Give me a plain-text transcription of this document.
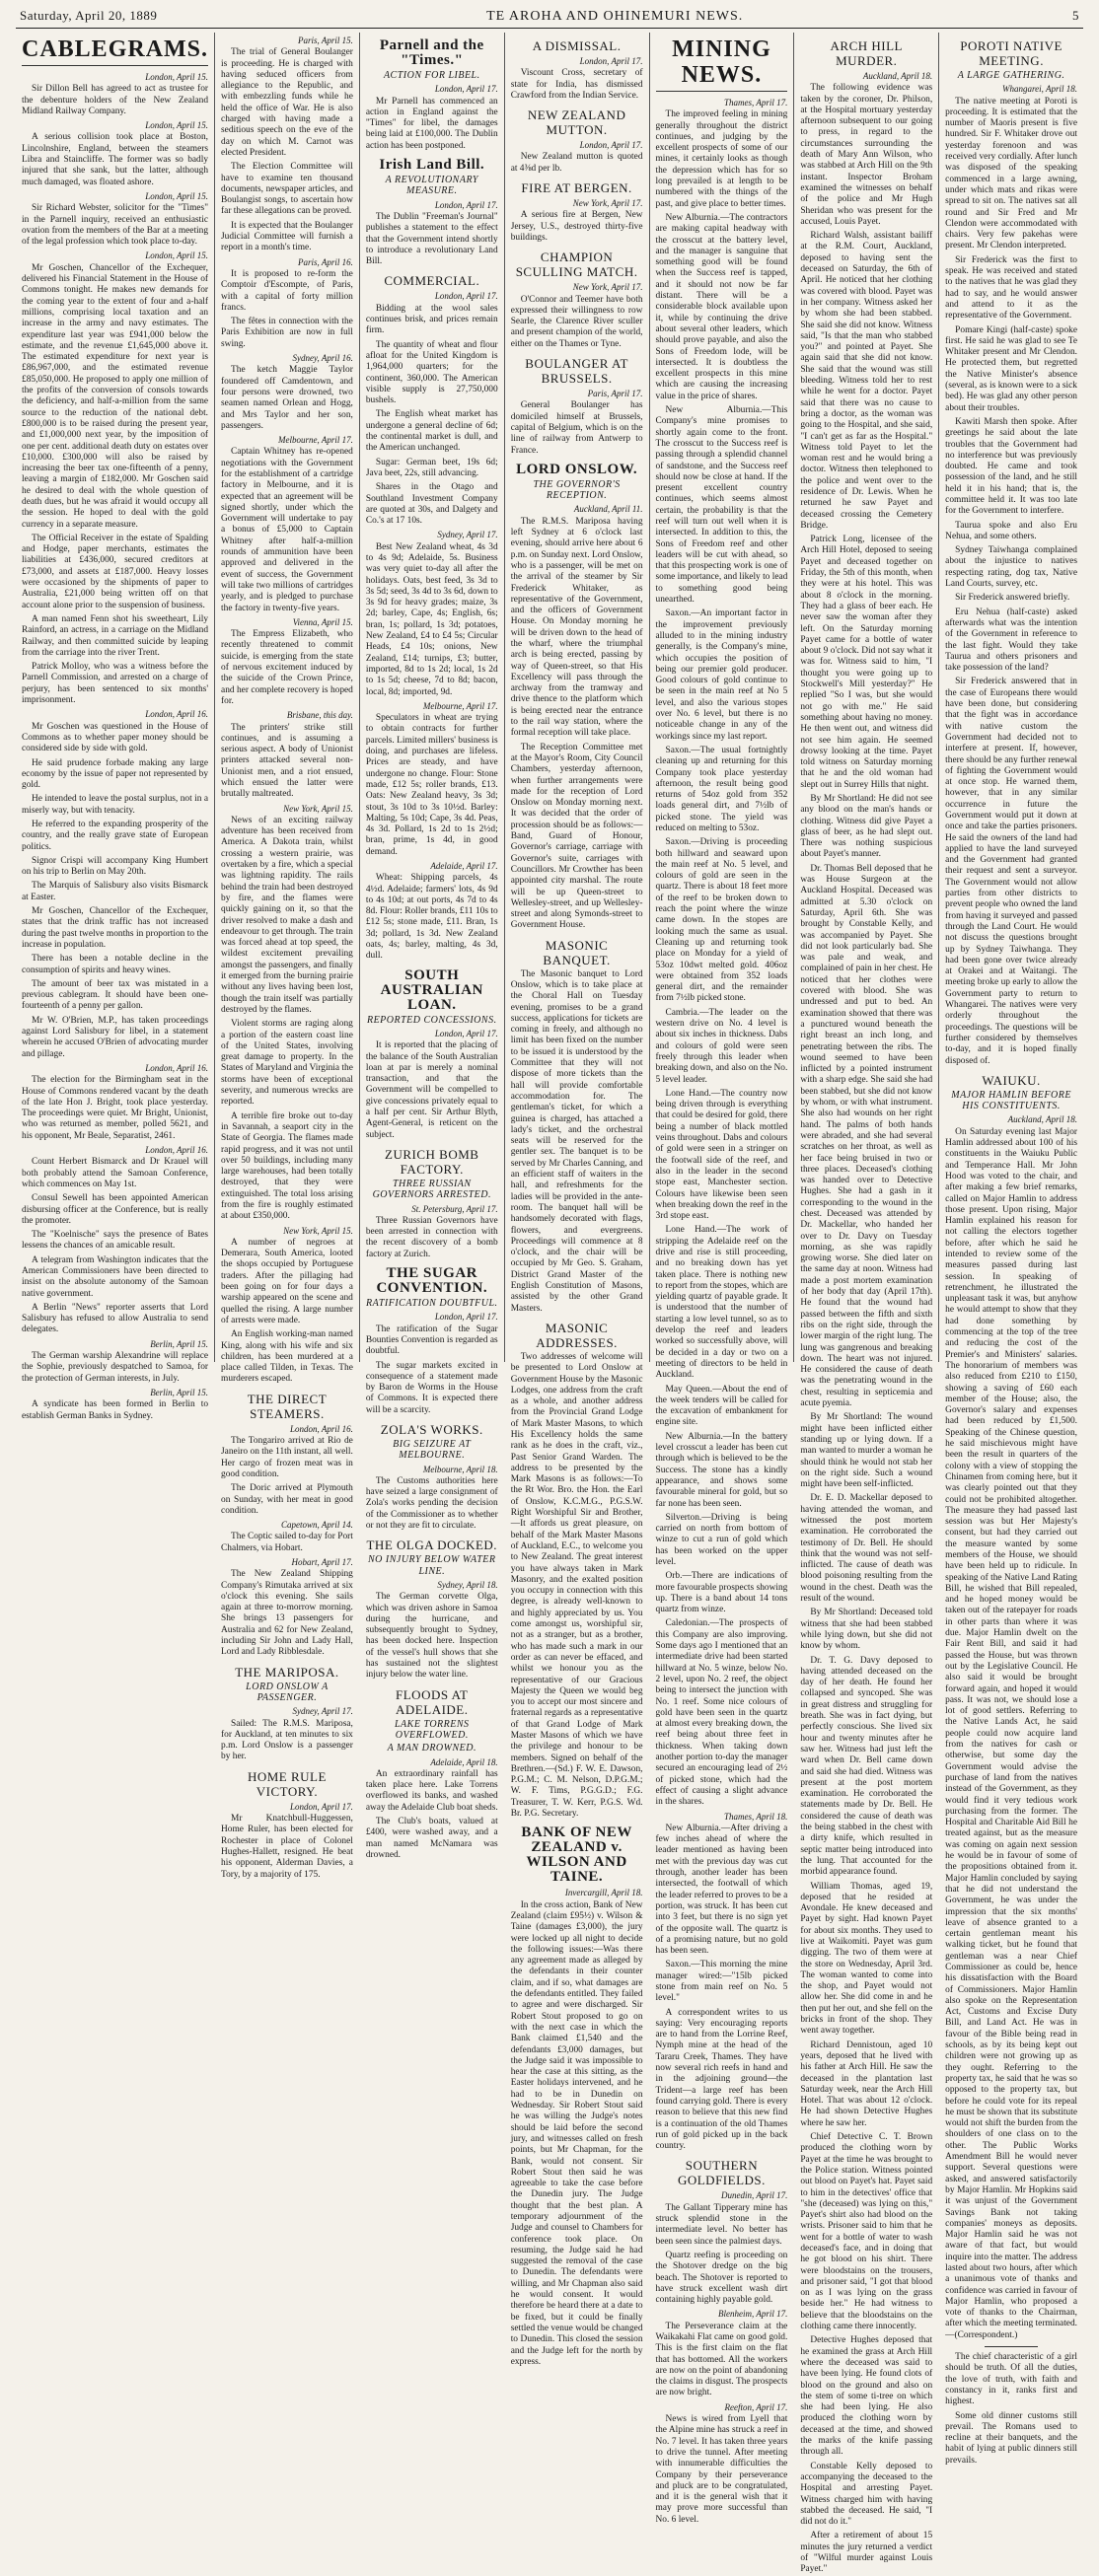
Saturday, April 20, 1889	TE AROHA AND OHINEMURI NEWS.	5
CABLEGRAMS.
London, April 15.

Sir Dillon Bell has agreed to act as trustee for the debenture holders of the New Zealand Midland Railway Company.

London, April 15.

A serious collision took place at Boston, Lincolnshire, England, between the steamers Libra and Staincliffe. The former was so badly injured that she sank, but the latter, although much damaged, was floated ashore.

London, April 15.

Sir Richard Webster, solicitor for the "Times" in the Parnell inquiry, received an enthusiastic ovation from the members of the Bar at a meeting of the legal profession which took place to-day.

London, April 15.

Mr Goschen, Chancellor of the Exchequer, delivered his Financial Statement in the House of Commons tonight. He makes new demands for the coming year to the extent of four and a-half millions, comprising local taxation and an increase in the army and navy estimates. The expenditure last year was £941,000 below the estimate, and the revenue £1,645,000 above it. The estimated expenditure for next year is £86,967,000, and the estimated revenue £85,050,000. He proposed to apply one million of the profits of the conversion of consols towards the deficiency, and half-a-million from the same source to the reduction of the national debt. £800,000 is to be raised during the present year, and £1,000,000 next year, by the imposition of one per cent. additional death duty on estates over £10,000. £300,000 will also be raised by increasing the beer tax one-fifteenth of a penny, leaving a margin of £182,000. Mr Goschen said he desired to deal with the whole question of death dues, but he was afraid it would occupy all the session. He hoped to deal with the gold currency in a separate measure.

The Official Receiver in the estate of Spalding and Hodge, paper merchants, estimates the liabilities at £436,000, secured creditors at £73,000, and assets at £187,000. Heavy losses were occasioned by the shipments of paper to Australia, £21,000 being written off on that account alone prior to the suspension of business.

A man named Fenn shot his sweetheart, Lily Rainford, an actress, in a carriage on the Midland Railway, and then committed suicide by leaping from the carriage into the river Trent.

Patrick Molloy, who was a witness before the Parnell Commission, and arrested on a charge of perjury, has been sentenced to six months' imprisonment.

London, April 16.

Mr Goschen was questioned in the House of Commons as to whether paper money should be considered side by side with gold.

He said prudence forbade making any large economy by the issue of paper not represented by gold.

He intended to leave the postal surplus, not in a miserly way, but with tenacity.

He referred to the expanding prosperity of the country, and the really grave state of European politics.

Signor Crispi will accompany King Humbert on his trip to Berlin on May 20th.

The Marquis of Salisbury also visits Bismarck at Easter.

Mr Goschen, Chancellor of the Exchequer, states that the drink traffic has not increased during the past twelve months in proportion to the increase in population.

There has been a notable decline in the consumption of spirits and heavy wines.

The amount of beer tax was mistated in a previous cablegram. It should have been one-fourteenth of a penny per gallon.

Mr W. O'Brien, M.P., has taken proceedings against Lord Salisbury for libel, in a statement wherein he accused O'Brien of advocating murder and pillage.

London, April 16.

The election for the Birmingham seat in the House of Commons rendered vacant by the death of the late Hon J. Bright, took place yesterday. The proceedings were quiet. Mr Bright, Unionist, who was returned as member, polled 5621, and his opponent, Mr Beale, Separatist, 2461.

London, April 16.

Count Herbert Bismarck and Dr Krauel will both probably attend the Samoan Conference, which commences on May 1st.

Consul Sewell has been appointed American disbursing officer at the Conference, but is really the promoter.

The "Koelnische" says the presence of Bates lessens the chances of an amicable result.

A telegram from Washington indicates that the American Commissioners have been directed to insist on the absolute autonomy of the Samoan native government.

A Berlin "News" reporter asserts that Lord Salisbury has refused to allow Australia to send delegates.

Berlin, April 15.

The German warship Alexandrine will replace the Sophie, previously despatched to Samoa, for the protection of German interests, in July.

Berlin, April 15.

A syndicate has been formed in Berlin to establish German Banks in Sydney.

Paris, April 15.

The trial of General Boulanger is proceeding. He is charged with having seduced officers from allegiance to the Republic, and with embezzling funds while he held the office of War. He is also charged with having made a seditious speech on the eve of the day on which M. Carnot was elected President.

The Election Committee will have to examine ten thousand documents, newspaper articles, and Boulangist songs, to ascertain how far these allegations can be proved.

It is expected that the Boulanger Judicial Committee will furnish a report in a month's time.

Paris, April 16.

It is proposed to re-form the Comptoir d'Escompte, of Paris, with a capital of forty million francs.

The fêtes in connection with the Paris Exhibition are now in full swing.

Sydney, April 16.

The ketch Maggie Taylor foundered off Camdentown, and four persons were drowned, two seamen named Orlean and Hogg, and Mrs Taylor and her son, passengers.

Melbourne, April 17.

Captain Whitney has re-opened negotiations with the Government for the establishment of a cartridge factory in Melbourne, and it is expected that an agreement will be signed shortly, under which the Government will undertake to pay a bonus of £5,000 to Captain Whitney after half-a-million rounds of ammunition have been approved and delivered in the event of success, the Government will take two millions of cartridges yearly, and is pledged to purchase the factory in twenty-five years.

Vienna, April 15.

The Empress Elizabeth, who recently threatened to commit suicide, is emerging from the state of nervous excitement induced by the suicide of the Crown Prince, and her complete recovery is hoped for.

Brisbane, this day.

The printers' strike still continues, and is assuming a serious aspect. A body of Unionist printers attacked several non-Unionist men, and a riot ensued, which ensued the latter were brutally maltreated.

New York, April 15.

News of an exciting railway adventure has been received from America. A Dakota train, whilst crossing a western prairie, was overtaken by a fire, which a special was lightning rapidity. The rails behind the train had been destroyed by fire, and the flames were quickly gaining on it, so that the driver resolved to make a dash and endeavour to get through. The train was forced ahead at top speed, the wildest excitement prevailing amongst the passengers, and finally it emerged from the burning prairie without any lives having been lost, though the train itself was partially destroyed by the flames.

Violent storms are raging along a portion of the eastern coast line of the United States, involving great damage to property. In the States of Maryland and Virginia the storms have been of exceptional severity, and numerous wrecks are reported.

A terrible fire broke out to-day in Savannah, a seaport city in the State of Georgia. The flames made rapid progress, and it was not until over 50 buildings, including many large warehouses, had been totally destroyed, that they were extinguished. The total loss arising from the fire is roughly estimated at about £350,000.

New York, April 15.

A number of negroes at Demerara, South America, looted the shops occupied by Portuguese traders. After the pillaging had been going on for four days a warship appeared on the scene and quelled the rising. A large number of arrests were made.

An English working-man named King, along with his wife and six children, has been murdered at a place called Tilden, in Texas. The murderers escaped.

THE DIRECT STEAMERS.
London, April 16.

The Tongariro arrived at Rio de Janeiro on the 11th instant, all well. Her cargo of frozen meat was in good condition.

The Doric arrived at Plymouth on Sunday, with her meat in good condition.

Capetown, April 14.

The Coptic sailed to-day for Port Chalmers, via Hobart.

Hobart, April 17.

The New Zealand Shipping Company's Rimutaka arrived at six o'clock this evening. She sails again at three to-morrow morning. She brings 13 passengers for Australia and 62 for New Zealand, including Sir John and Lady Hall, Lord and Lady Ribblesdale.

THE MARIPOSA.
LORD ONSLOW A PASSENGER.
Sydney, April 17.

Sailed: The R.M.S. Mariposa, for Auckland, at ten minutes to six p.m. Lord Onslow is a passenger by her.

HOME RULE VICTORY.
London, April 17.

Mr Knatchbull-Huggessen, Home Ruler, has been elected for Rochester in place of Colonel Hughes-Hallett, resigned. He beat his opponent, Alderman Davies, a Tory, by a majority of 175.

Parnell and the "Times."
ACTION FOR LIBEL.
London, April 17.

Mr Parnell has commenced an action in England against the "Times" for libel, the damages being laid at £100,000. The Dublin action has been postponed.

Irish Land Bill.
A REVOLUTIONARY MEASURE.
London, April 17.

The Dublin "Freeman's Journal" publishes a statement to the effect that the Government intend shortly to introduce a revolutionary Land Bill.

COMMERCIAL.
London, April 17.

Bidding at the wool sales continues brisk, and prices remain firm.

The quantity of wheat and flour afloat for the United Kingdom is 1,964,000 quarters; for the continent, 360,000. The American visible supply is 27,750,000 bushels.

The English wheat market has undergone a general decline of 6d; the continental market is dull, and the American unchanged.

Sugar: German beet, 19s 6d; Java beet, 22s, still advancing.

Shares in the Otago and Southland Investment Company are quoted at 30s, and Dalgety and Co.'s at 17 10s.

Sydney, April 17.

Best New Zealand wheat, 4s 3d to 4s 9d; Adelaide, 5s. Business was very quiet to-day all after the holidays. Oats, best feed, 3s 3d to 3s 5d; seed, 3s 4d to 3s 6d, down to 3s 9d for heavy grades; maize, 3s 2d; barley, Cape, 4s; English, 6s; bran, 1s; pollard, 1s 3d; potatoes, New Zealand, £4 to £4 5s; Circular Heads, £4 10s; onions, New Zealand, £14; turnips, £3; butter, imported, 8d to 1s 2d; local, 1s 2d to 1s 5d; cheese, 7d to 8d; bacon, local, 8d; imported, 9d.

Melbourne, April 17.

Speculators in wheat are trying to obtain contracts for further parcels. Limited millers' business is doing, and purchases are lifeless. Prices are steady, and have undergone no change. Flour: Stone made, £12 5s; roller brands, £13. Oats: New Zealand heavy, 3s 3d; stout, 3s 10d to 3s 10½d. Barley: Malting, 5s 10d; Cape, 3s 4d. Peas, 4s 3d. Pollard, 1s 2d to 1s 2½d; bran, prime, 1s 4d, in good demand.

Adelaide, April 17.

Wheat: Shipping parcels, 4s 4½d. Adelaide; farmers' lots, 4s 9d to 4s 10d; at out ports, 4s 7d to 4s 8d. Flour: Roller brands, £11 10s to £12 5s; stone made, £11. Bran, 1s 3d; pollard, 1s 3d. New Zealand oats, 4s; barley, malting, 4s 3d, dull.

SOUTH AUSTRALIAN LOAN.
REPORTED CONCESSIONS.
London, April 17.

It is reported that the placing of the balance of the South Australian loan at par is merely a nominal transaction, and that the Government will be compelled to give concessions privately equal to a half per cent. Sir Arthur Blyth, Agent-General, is reticent on the subject.

ZURICH BOMB FACTORY.
THREE RUSSIAN GOVERNORS ARRESTED.
St. Petersburg, April 17.

Three Russian Governors have been arrested in connection with the recent discovery of a bomb factory at Zurich.

THE SUGAR CONVENTION.
RATIFICATION DOUBTFUL.
London, April 17.

The ratification of the Sugar Bounties Convention is regarded as doubtful.

The sugar markets excited in consequence of a statement made by Baron de Worms in the House of Commons. It is expected there will be a scarcity.

ZOLA'S WORKS.
BIG SEIZURE AT MELBOURNE.
Melbourne, April 18.

The Customs authorities here have seized a large consignment of Zola's works pending the decision of the Commissioner as to whether or not they are fit to circulate.

THE OLGA DOCKED.
NO INJURY BELOW WATER LINE.
Sydney, April 18.

The German corvette Olga, which was driven ashore in Samoa during the hurricane, and subsequently brought to Sydney, has been docked here. Inspection of the vessel's hull shows that she has sustained not the slightest injury below the water line.

FLOODS AT ADELAIDE.
LAKE TORRENS OVERFLOWED.
A MAN DROWNED.
Adelaide, April 18.

An extraordinary rainfall has taken place here. Lake Torrens overflowed its banks, and washed away the Adelaide Club boat sheds.

The Club's boats, valued at £400, were washed away, and a man named McNamara was drowned.

A DISMISSAL.
London, April 17.

Viscount Cross, secretary of state for India, has dismissed Crawford from the Indian Service.

NEW ZEALAND MUTTON.
London, April 17.

New Zealand mutton is quoted at 4⅜d per lb.

FIRE AT BERGEN.
New York, April 17.

A serious fire at Bergen, New Jersey, U.S., destroyed thirty-five buildings.

CHAMPION SCULLING MATCH.
New York, April 17.

O'Connor and Teemer have both expressed their willingness to row Searle, the Clarence River sculler and present champion of the world, either on the Thames or Tyne.

BOULANGER AT BRUSSELS.
Paris, April 17.

General Boulanger has domiciled himself at Brussels, capital of Belgium, which is on the line of railway from Antwerp to France.

LORD ONSLOW.
THE GOVERNOR'S RECEPTION.
Auckland, April 11.

The R.M.S. Mariposa having left Sydney at 6 o'clock last evening, should arrive here about 6 p.m. on Sunday next. Lord Onslow, who is a passenger, will be met on the arrival of the steamer by Sir Frederick Whitaker, as representative of the Government, and the officers of Government House. On Monday morning he will be driven down to the head of the wharf, where the triumphal arch is being erected, passing by way of Queen-street, so that His Excellency will pass through the archway from the tramway and drive thence to the platform which is being erected near the entrance to the rail way station, where the formal reception will take place.

The Reception Committee met at the Mayor's Room, City Council Chambers, yesterday afternoon, when further arrangements were made for the reception of Lord Onslow on Monday morning next. It was decided that the order of procession should be as follows:—Band, Guard of Honour, Governor's carriage, carriage with Governor's suite, carriages with Councillors. Mr Crowther has been appointed city marshal. The route will be up Queen-street to Wellesley-street, and up Wellesley-street and along Symonds-street to Government House.

MASONIC BANQUET.

The Masonic banquet to Lord Onslow, which is to take place at the Choral Hall on Tuesday evening, promises to be a grand success, applications for tickets are coming in freely, and although no limit has been fixed on the number to be issued it is understood by the Committee that they will not dispose of more tickets than the hall will provide comfortable accommodation for. The gentleman's ticket, for which a guinea is charged, has attached a lady's ticket, and the orchestral seats will be reserved for the gentler sex. The banquet is to be served by Mr Charles Canning, and an efficient staff of waiters in the hall, and refreshments for the ladies will be provided in the ante-room. The banquet hall will be handsomely decorated with flags, flowers, and evergreens. Proceedings will commence at 8 o'clock, and the chair will be occupied by Mr Geo. S. Graham, District Grand Master of the English Constitution of Masons, assisted by the other Grand Masters.

MASONIC ADDRESSES.

Two addresses of welcome will be presented to Lord Onslow at Government House by the Masonic Lodges, one address from the craft as a whole, and another address from the Provincial Grand Lodge of Mark Master Masons, to which His Excellency holds the same rank as he does in the craft, viz., Past Senior Grand Warden. The address to be presented by the Mark Masons is as follows:—To the Rt Wor. Bro. the Hon. the Earl of Onslow, K.C.M.G., P.G.S.W. Right Worshipful Sir and Brother,—It affords us great pleasure, on behalf of the Mark Master Masons of Auckland, E.C., to welcome you to New Zealand. The great interest you have always taken in Mark Masonry, and the exalted position you occupy in connection with this degree, is already well-known to and highly appreciated by us. You come amongst us, worshipful sir, not as a stranger, but as a brother, who has made such a mark in our order as can never be effaced, and whilst we honour you as the representative of our Gracious Majesty the Queen we would beg you to accept our most sincere and fraternal regards as a representative of that Grand Lodge of Mark Master Masons of which we have the privilege and honour to be members. Signed on behalf of the Brethren.—(Sd.) F. W. E. Dawson, P.G.M.; C. M. Nelson, D.P.G.M.; W. F. Tims, P.G.G.D.; F.G. Treasurer, T. W. Kerr, P.G.S. Wd. Br. P.G. Secretary.

BANK OF NEW ZEALAND v. WILSON AND TAINE.
Invercargill, April 18.

In the cross action, Bank of New Zealand (claim £95½) v. Wilson & Taine (damages £3,000), the jury were locked up all night to decide the following issues:—Was there any agreement made as alleged by the defendants in their counter claim, and if so, what damages are the defendants entitled. They failed to agree and were discharged. Sir Robert Stout proposed to go on with the next case in which the Bank claimed £1,540 and the defendants £3,000 damages, but the Judge said it was impossible to hear the case at this sitting, as the Easter holidays intervened, and he had to be in Dunedin on Wednesday. Sir Robert Stout said he was willing the Judge's notes should be laid before the second jury, and witnesses called on fresh points, but Mr Chapman, for the Bank, would not consent. Sir Robert Stout then said he was agreeable to take the case before the Dunedin jury. The Judge thought that the best plan. A temporary adjournment of the Judge and counsel to Chambers for conference took place. On resuming, the Judge said he had suggested the removal of the case to Dunedin. The defendants were willing, and Mr Chapman also said he would consent. It would therefore be heard there at a date to be fixed, but it could be finally settled the venue would be changed to Dunedin. This closed the session and the Judge left for the north by express.

MINING NEWS.
Thames, April 17.

The improved feeling in mining generally throughout the district continues, and judging by the excellent prospects of some of our mines, it certainly looks as though the depression which has for so long prevailed is at length to be numbered with the things of the past, and give place to better times.

New Alburnia.—The contractors are making capital headway with the crosscut at the battery level, and the manager is sanguine that something good will be found when the Success reef is tapped, and it should not now be far distant. There will be a considerable block available upon it, while by continuing the drive about several other leaders, which should prove payable, and also the Sons of Freedom lode, will be intersected. It is doubtless the excellent prospects in this mine which are causing the increasing value in the price of shares.

New Alburnia.—This Company's mine promises to shortly again come to the front. The crosscut to the Success reef is passing through a splendid channel of sandstone, and the Success reef should now be close at hand. If the present excellent country continues, which seems almost certain, the probability is that the reef will turn out well when it is intersected. In addition to this, the Sons of Freedom reef and other leaders will be cut with ahead, so that this prospecting work is one of some importance, and likely to lead to something good being unearthed.

Saxon.—An important factor in the improvement previously alluded to in the mining industry generally, is the Company's mine, which occupies the position of being our premier gold producer. Good colours of gold continue to be seen in the main reef at No 5 level, and also the various stopes over No. 6 level, but there is no noticeable change in any of the workings since my last report.

Saxon.—The usual fortnightly cleaning up and returning for this Company took place yesterday afternoon, the result being good returns of 54oz gold from 352 loads general dirt, and 7½lb of picked stone. The yield was reduced on melting to 53oz.

Saxon.—Driving is proceeding both hillward and seaward upon the main reef at No. 5 level, and colours of gold are seen in the quartz. There is about 18 feet more of the reef to be broken down to reach the point where the winze came down. In the stopes are looking much the same as usual. Cleaning up and returning took place on Monday for a yield of 53oz 10dwt melted gold. 406oz were obtained from 352 loads general dirt, and the remainder from 7½lb picked stone.

Cambria.—The leader on the western drive on No. 4 level is about six inches in thickness. Dabs and colours of gold were seen freely through this leader when breaking down, and also on the No. 5 level leader.

Lone Hand.—The country now being driven through is everything that could be desired for gold, there being a number of black mottled veins throughout. Dabs and colours of gold were seen in a stringer on the footwall side of the reef, and also in the leader in the second stope east, Manchester section. Colours have likewise been seen when breaking down the reef in the 3rd stope east.

Lone Hand.—The work of stripping the Adelaide reef on the drive and rise is still proceeding, and no breaking down has yet taken place. There is nothing new to report from the stopes, which are yielding quartz of payable grade. It is understood that the number of starting a low level tunnel, so as to develop the reef and leaders worked so successfully above, will be decided in a day or two on a meeting of directors to be held in Auckland.

May Queen.—About the end of the week tenders will be called for the excavation of embankment for engine site.

New Alburnia.—In the battery level crosscut a leader has been cut through which is believed to be the Success. The stone has a kindly appearance, and shows some favourable mineral for gold, but so far none has been seen.

Silverton.—Driving is being carried on north from bottom of winze to cut a run of gold which has been worked on the upper level.

Orb.—There are indications of more favourable prospects showing up. There is a band about 14 tons quartz from winze.

Caledonian.—The prospects of this Company are also improving. Some days ago I mentioned that an intermediate drive had been started hillward at No. 5 winze, below No. 2 level, upon No. 2 reef, the object being to intersect the junction with No. 1 reef. Some nice colours of gold have been seen in the quartz at almost every breaking down, the reef being about three feet in thickness. When taking down another portion to-day the manager secured an encouraging lead of 2½ of picked stone, which had the effect of causing a slight advance in the shares.

Thames, April 18.

New Alburnia.—After driving a few inches ahead of where the leader mentioned as having been met with the previous day was cut through, another leader has been intersected, the footwall of which the leader referred to proves to be a portion, was struck. It has been cut into 3 feet, but there is no sign yet of the opposite wall. The quartz is of a promising nature, but no gold has been seen.

Saxon.—This morning the mine manager wired:—"15lb picked stone from main reef on No. 5 level."

A correspondent writes to us saying: Very encouraging reports are to hand from the Lorrine Reef, Nymph mine at the head of the Tararu Creek, Thames. They have now several rich reefs in hand and in the adjoining ground—the Trident—a large reef has been found carrying gold. There is every reason to believe that this new find is a continuation of the old Thames run of gold picked up in the back country.

SOUTHERN GOLDFIELDS.
Dunedin, April 17.

The Gallant Tipperary mine has struck splendid stone in the intermediate level. No better has been seen since the palmiest days.

Quartz reefing is proceeding on the Shotover dredge on the big beach. The Shotover is reported to have struck excellent wash dirt containing highly payable gold.

Blenheim, April 17.

The Perseverance claim at the Waikakahi Flat came on good gold. This is the first claim on the flat that has bottomed. All the workers are now on the point of abandoning the claims in disgust. The prospects are now bright.

Reefton, April 17.

News is wired from Lyell that the Alpine mine has struck a reef in No. 7 level. It has taken three years to drive the tunnel. After meeting with innumerable difficulties the Company by their perseverance and pluck are to be congratulated, and it is the general wish that it may prove more successful than No. 6 level.

ARCH HILL MURDER.
Auckland, April 18.

The following evidence was taken by the coroner, Dr. Philson, at the Hospital mortuary yesterday afternoon subsequent to our going to press, in regard to the circumstances surrounding the death of Mary Ann Wilson, who was stabbed at Arch Hill on the 9th instant. Inspector Broham examined the witnesses on behalf of the police and Mr Hugh Sheridan who was present for the accused, Louis Payet.

Richard Walsh, assistant bailiff at the R.M. Court, Auckland, deposed to having sent the deceased on Saturday, the 6th of April. He noticed that her clothing was covered with blood. Payet was in her company. Witness asked her by whom she had been stabbed. She said she did not know. Witness said, "Is that the man who stabbed you?" and pointed at Payet. She again said that she did not know. She said that the wound was still bleeding. Witness told her to rest while he went for a doctor. Payet said that there was no cause to bring a doctor, as the woman was going to the Hospital, and she said, "I can't get as far as the Hospital." Witness told Payet to let the woman rest and he would bring a doctor. Witness then telephoned to the police and went over to the residence of Dr. Lewis. When he returned he saw Payet and deceased crossing the Cemetery Bridge.

Patrick Long, licensee of the Arch Hill Hotel, deposed to seeing Payet and deceased together on Friday, the 5th of this month, when they were at his hotel. This was about 8 o'clock in the morning. They had a glass of beer each. He never saw the woman after they left. On the Saturday morning Payet came for a bottle of water about 9 o'clock. Did not say what it was for. Witness said to him, "I thought you were going up to Stockwell's Mill yesterday?" He replied "So I was, but she would not go with me." He said something about having no money. He then went out, and witness did not see him again. He seemed drowsy looking at the time. Payet told witness on Saturday morning that he and the old woman had slept out in Surrey Hills that night.

By Mr Shortland: He did not see any blood on the man's hands or clothing. Witness did give Payet a glass of beer, as he had slept out. There was nothing suspicious about Payet's manner.

Dr. Thomas Bell deposed that he was House Surgeon at the Auckland Hospital. Deceased was admitted at 5.30 o'clock on Saturday, April 6th. She was brought by Constable Kelly, and was accompanied by Payet. She did not look particularly bad. She was pale and weak, and complained of pain in her chest. He noticed that her clothes were covered with blood. She was undressed and put to bed. An examination showed that there was a punctured wound beneath the right breast an inch long, and penetrating between the ribs. The wound seemed to have been inflicted by a pointed instrument with a sharp edge. She said she had been stabbed, but she did not know by whom, or with what instrument. She also had wounds on her right hand. The palms of both hands were abraded, and she had several scratches on her throat, as well as her face being bruised in two or three places. Deceased's clothing was handed over to Detective Hughes. She had a gash in it corresponding to the wound in the chest. Deceased was attended by Dr. Mackellar, who handed her over to Dr. Davy on Tuesday morning, as she was rapidly growing worse. She died later on the same day at noon. Witness had made a post mortem examination of her body that day (April 17th). He found that the wound had passed between the fifth and sixth ribs on the right side, through the lower margin of the right lung. The lung was gangrenous and breaking down. The heart was not injured. He considered the cause of death was the penetrating wound in the chest, resulting in septicemia and acute pyemia.

By Mr Shortland: The wound might have been inflicted either standing up or lying down. If a man wanted to murder a woman he should think he would not stab her on the right side. Such a wound might have been self-inflicted.

Dr. E. D. Mackellar deposed to having attended the woman, and witnessed the post mortem examination. He corroborated the testimony of Dr. Bell. He should think that the wound was not self-inflicted. The cause of death was blood poisoning resulting from the wound in the chest. Death was the result of the wound.

By Mr Shortland: Deceased told witness that she had been stabbed while lying down, but she did not know by whom.

Dr. T. G. Davy deposed to having attended deceased on the day of her death. He found her collapsed and syncoped. She was in great distress and struggling for breath. She was in fact dying, but perfectly conscious. She lived six hour and twenty minutes after he saw her. Witness had just left the ward when Dr. Bell came down and said she had died. Witness was present at the post mortem examination. He corroborated the statements made by Dr. Bell. He considered the cause of death was the being stabbed in the chest with a dirty knife, which resulted in septic matter being introduced into the lung. That accounted for the morbid appearance found.

William Thomas, aged 19, deposed that he resided at Avondale. He knew deceased and Payet by sight. Had known Payet for about six months. They used to live at Waikomiti. Payet was gum digging. The two of them were at the store on Wednesday, April 3rd. The woman wanted to come into the shop, and Payet would not allow her. She did come in and he then put her out, and she fell on the bricks in front of the shop. They went away together.

Richard Dennistoun, aged 10 years, deposed that he lived with his father at Arch Hill. He saw the deceased in the plantation last Saturday week, near the Arch Hill Hotel. That was about 12 o'clock. He had shown Detective Hughes where he saw her.

Chief Detective C. T. Brown produced the clothing worn by Payet at the time he was brought to the Police station. Witness pointed out blood on Payet's hat. Payet said to him in the detectives' office that "she (deceased) was lying on this," Payet's shirt also had blood on the wrists. Prisoner said to him that he went for a bottle of water to wash deceased's face, and in doing that he got blood on his shirt. There were bloodstains on the trousers, and prisoner said, "I got that blood on as I was lying on the grass beside her." He had witness to believe that the bloodstains on the clothing came there innocently.

Detective Hughes deposed that he examined the grass at Arch Hill where the deceased was said to have been lying. He found clots of blood on the ground and also on the stem of some ti-tree on which she had been lying. He also produced the clothing worn by deceased at the time, and showed the marks of the knife passing through all.

Constable Kelly deposed to accompanying the deceased to the Hospital and arresting Payet. Witness charged him with having stabbed the deceased. He said, "I did not do it."

After a retirement of about 15 minutes the jury returned a verdict of "Wilful murder against Louis Payet."

POROTI NATIVE MEETING.
A LARGE GATHERING.
Whangarei, April 18.

The native meeting at Poroti is proceeding. It is estimated that the number of Maoris present is five hundred. Sir F. Whitaker drove out yesterday forenoon and was received very cordially. After lunch was disposed of the speaking commenced in a large awning, under which mats and rikas were spread to sit on. The natives sat all round and Sir Fred and Mr Clendon were accommodated with chairs. Very few pakehas were present. Mr Clendon interpreted.

Sir Frederick was the first to speak. He was received and stated to the natives that he was glad they had to say, and he would answer and attend to it as the representative of the Government.

Pomare Kingi (half-caste) spoke first. He said he was glad to see Te Whitaker present and Mr Clendon. He protected them, but regretted the Native Minister's absence (several, as is known were to a sick bed). He was glad any other person about their troubles.

Kawiti Marsh then spoke. After greetings he said about the late troubles that the Government had no interference but was previously doubted. He came and took possession of the land, and he still held it in his hand; that is, the committee held it. It was too late for the Government to interfere.

Taurua spoke and also Eru Nehua, and some others.

Sydney Taiwhanga complained about the injustice to natives respecting rating, dog tax, Native Land Courts, survey, etc.

Sir Frederick answered briefly.

Eru Nehua (half-caste) asked afterwards what was the intention of the Government in reference to the last fight. Would they take Taurua and others prisoners and take possession of the land?

Sir Frederick answered that in the case of Europeans there would have been done, but considering that the fight was in accordance with native custom the Government had decided not to interfere at present. If, however, there should be any further renewal of fighting the Government would at once stop. He warned them, however, that in any similar occurrence in future the Government would put it down at once and take the parties prisoners. He said the owners of the land had applied to have the land surveyed and the Government had granted their request and sent a surveyor. The Government would not allow parties from other districts to prevent people who owned the land from having it surveyed and passed through the Land Court. He would not discuss the questions brought up by Sydney Taiwhanga. They had been gone over twice already at Orakei and at Waitangi. The meeting broke up early to allow the Government party to return to Whangarei. The natives were very orderly throughout the proceedings. The questions will be further considered by themselves to-day, and it is hoped finally disposed of.

WAIUKU.
MAJOR HAMLIN BEFORE HIS CONSTITUENTS.
Auckland, April 18.

On Saturday evening last Major Hamlin addressed about 100 of his constituents in the Waiuku Public and Temperance Hall. Mr John Hood was voted to the chair, and after making a few brief remarks, called on Major Hamlin to address those present. Upon rising, Major Hamlin explained his reason for not calling the electors together before, after which he said he intended to review some of the measures passed during last session. In speaking of retrenchment, he illustrated the unpleasant task it was, but anyhow he would attempt to show that they had done something by commencing at the top of the tree and reducing the cost of the Premier's and Ministers' salaries. The honorarium of members was also reduced from £210 to £150, showing a saving of £60 each member of the House; also, the Governor's salary and expenses had been reduced by £1,500. Speaking of the Chinese question, he said mischievous might have been the result in quarters of the colony with a view of stopping the Chinamen from coming here, but it was clearly pointed out that they could not be prohibited altogether. The measure they had passed last session was but Her Majesty's consent, but had they carried out the measure wanted by some members of the House, we should have been held up to ridicule. In speaking of the Native Land Rating Bill, he wished that Bill repealed, and he hoped money would be taken out of the ratepayer for roads in other parts than where it was due. Major Hamlin dwelt on the Fair Rent Bill, and said it had passed the House, but was thrown out by the Legislative Council. He also said it would be brought forward again, and hoped it would pass. It was not, we should lose a lot of good settlers. Referring to the Native Lands Act, he said people could now acquire land from the natives for cash or otherwise, but some day the Government would advise the purchase of land from the natives instead of the Government, as they would find it very tedious work purchasing from the former. The Hospital and Charitable Aid Bill he treated against, but as the measure was coming on again next session he would be in favour of some of the propositions obtained from it. Major Hamlin concluded by saying that he did not understand the Government, he was under the impression that the six months' leave of absence granted to a certain gentleman meant his walking ticket, but he found that gentleman was a near Chief Commissioner as could be, hence his dissatisfaction with the Board of Commissioners. Major Hamlin also spoke on the Representation Act, Customs and Excise Duty Bill, and Land Act. He was in favour of the Bible being read in schools, as by its being kept out children were not growing up as they ought. Referring to the property tax, he said that he was so opposed to the property tax, but before he could vote for its repeal he must be shown that its substitute would not shift the burden from the shoulders of one class on to the other. The Public Works Amendment Bill he would never support. Several questions were asked, and answered satisfactorily by Major Hamlin. Mr Hopkins said it was unjust of the Government Savings Bank not taking companies' moneys as deposits. Major Hamlin said he was not aware of that fact, but would inquire into the matter. The address lasted about two hours, after which a unanimous vote of thanks and confidence was carried in favour of Major Hamlin, who proposed a vote of thanks to the Chairman, after which the meeting terminated.—(Correspondent.)

The chief characteristic of a girl should be truth. Of all the duties, the love of truth, with faith and constancy in it, ranks first and highest.

Some old dinner customs still prevail. The Romans used to recline at their banquets, and the habit of lying at public dinners still prevails.
